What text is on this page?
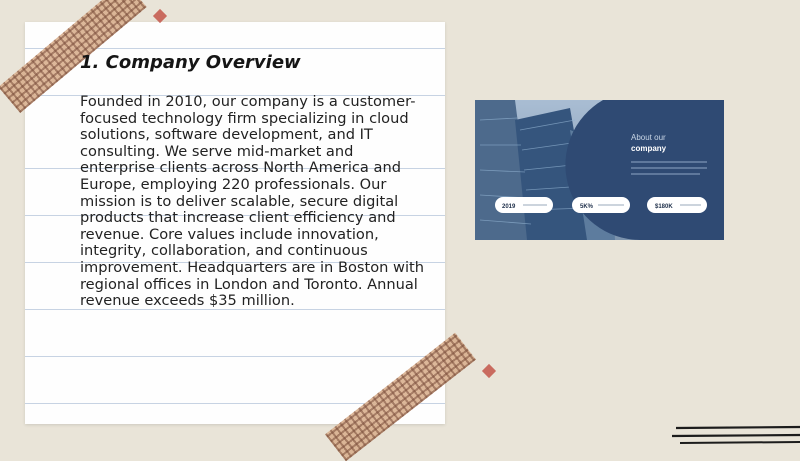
1. Company Overview

Founded in 2010, our company is a customer-focused technology firm specializing in cloud solutions, software development, and IT consulting. We serve mid-market and enterprise clients across North America and Europe, employing 220 professionals. Our mission is to deliver scalable, secure digital products that increase client efficiency and revenue. Core values include innovation, integrity, collaboration, and continuous improvement. Headquarters are in Boston with regional offices in London and Toronto. Annual revenue exceeds $35 million.

About our
company
2019	5K%	$180K
